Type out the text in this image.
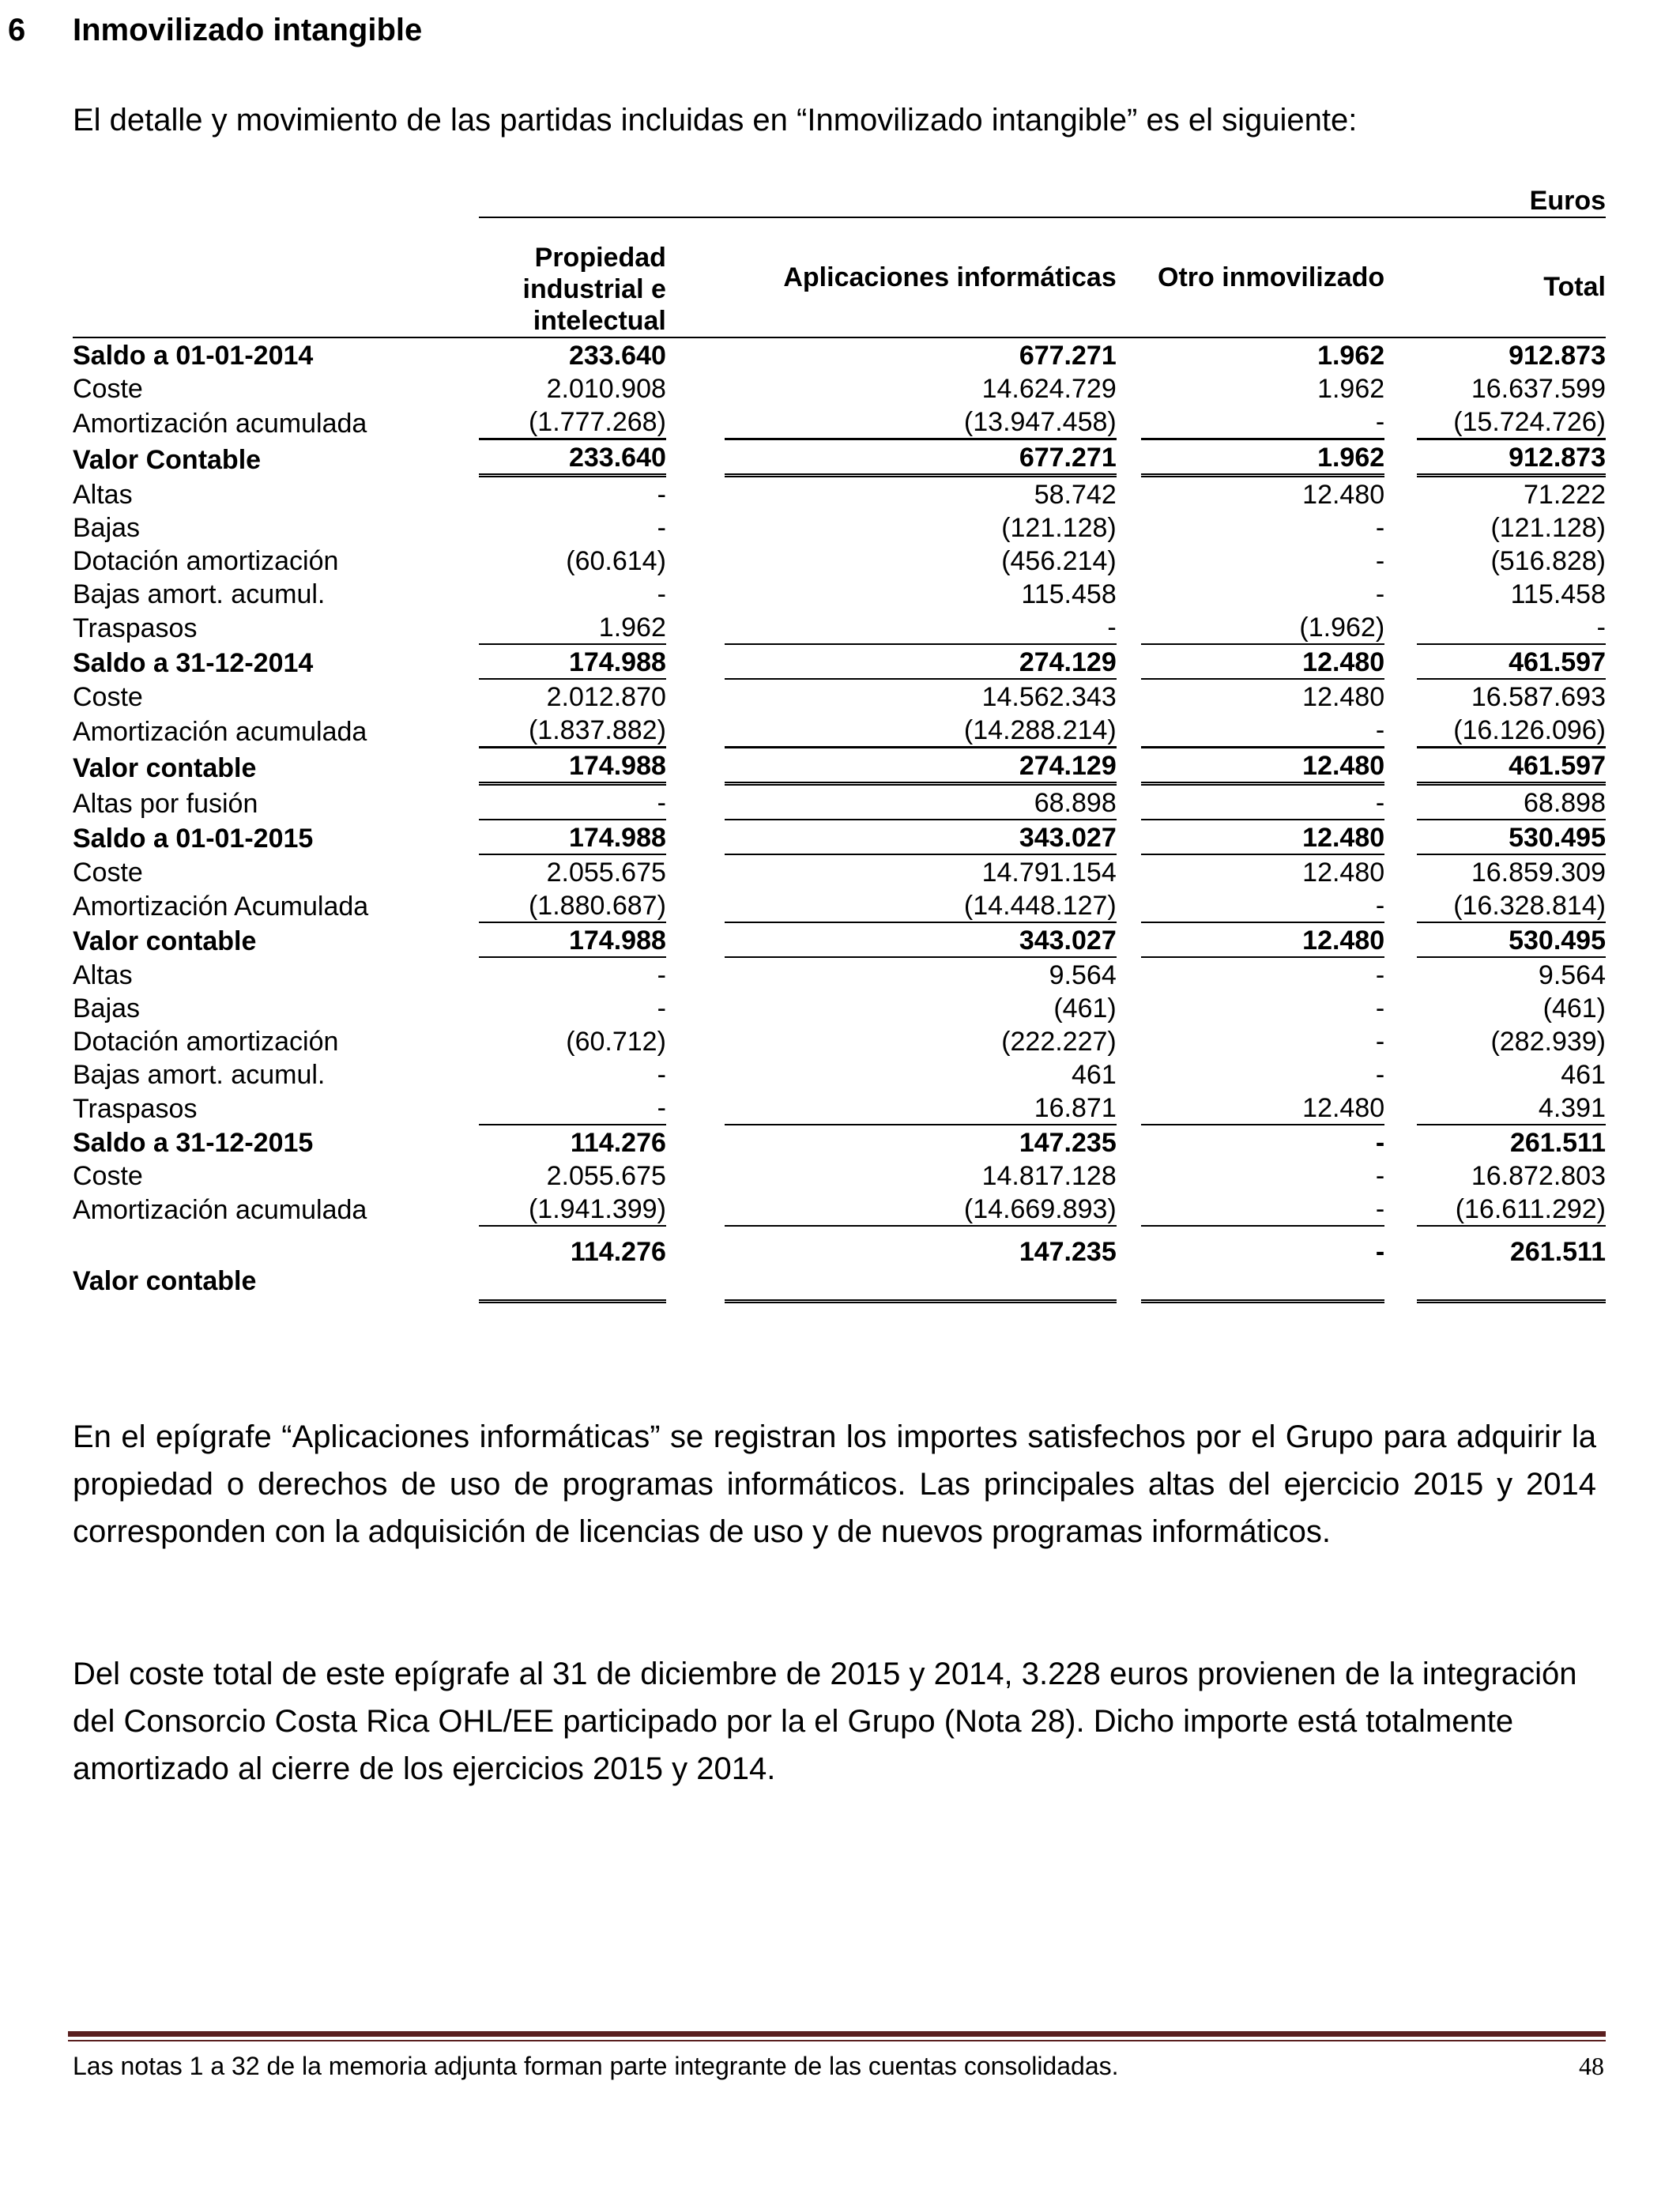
6 Inmovilizado intangible
El detalle y movimiento de las partidas incluidas en “Inmovilizado intangible” es el siguiente:
							Euros
	Propiedad industrial e intelectual		Aplicaciones informáticas		Otro inmovilizado		Total
Saldo a 01-01-2014	233.640		677.271		1.962		912.873
Coste	2.010.908		14.624.729		1.962		16.637.599
Amortización acumulada	(1.777.268)		(13.947.458)		-		(15.724.726)
Valor Contable	233.640		677.271		1.962		912.873
Altas	-		58.742		12.480		71.222
Bajas	-		(121.128)		-		(121.128)
Dotación amortización	(60.614)		(456.214)		-		(516.828)
Bajas amort. acumul.	-		115.458		-		115.458
Traspasos	1.962		-		(1.962)		-
Saldo a 31-12-2014	174.988		274.129		12.480		461.597
Coste	2.012.870		14.562.343		12.480		16.587.693
Amortización acumulada	(1.837.882)		(14.288.214)		-		(16.126.096)
Valor contable	174.988		274.129		12.480		461.597
Altas por fusión	-		68.898		-		68.898
Saldo a 01-01-2015	174.988		343.027		12.480		530.495
Coste	2.055.675		14.791.154		12.480		16.859.309
Amortización Acumulada	(1.880.687)		(14.448.127)		-		(16.328.814)
Valor contable	174.988		343.027		12.480		530.495
Altas	-		9.564		-		9.564
Bajas	-		(461)		-		(461)
Dotación amortización	(60.712)		(222.227)		-		(282.939)
Bajas amort. acumul.	-		461		-		461
Traspasos	-		16.871		12.480		4.391
Saldo a 31-12-2015	114.276		147.235		-		261.511
Coste	2.055.675		14.817.128		-		16.872.803
Amortización acumulada	(1.941.399)		(14.669.893)		-		(16.611.292)
Valor contable	114.276		147.235		-		261.511
En el epígrafe “Aplicaciones informáticas” se registran los importes satisfechos por el Grupo para adquirir la propiedad o derechos de uso de programas informáticos. Las principales altas del ejercicio 2015 y 2014 corresponden con la adquisición de licencias de uso y de nuevos programas informáticos.
Del coste total de este epígrafe al 31 de diciembre de 2015 y 2014, 3.228 euros provienen de la integración del Consorcio Costa Rica OHL/EE participado por la el Grupo (Nota 28). Dicho importe está totalmente amortizado al cierre de los ejercicios 2015 y 2014.
Las notas 1 a 32 de la memoria adjunta forman parte integrante de las cuentas consolidadas.	48
